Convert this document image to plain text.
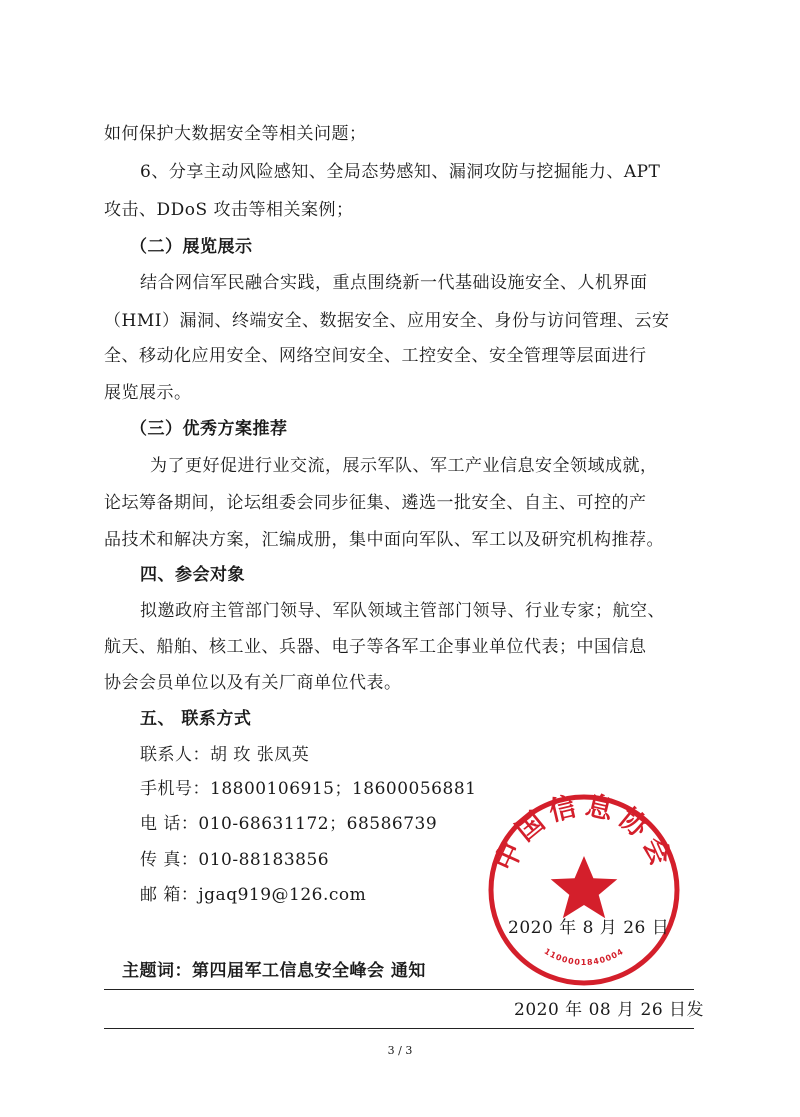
如何保护大数据安全等相关问题；
6、分享主动风险感知、全局态势感知、漏洞攻防与挖掘能力、APT
攻击、DDoS 攻击等相关案例；
（二）展览展示
结合网信军民融合实践，重点围绕新一代基础设施安全、人机界面
（HMI）漏洞、终端安全、数据安全、应用安全、身份与访问管理、云安
全、移动化应用安全、网络空间安全、工控安全、安全管理等层面进行
展览展示。
（三）优秀方案推荐
为了更好促进行业交流，展示军队、军工产业信息安全领域成就，
论坛筹备期间，论坛组委会同步征集、遴选一批安全、自主、可控的产
品技术和解决方案，汇编成册，集中面向军队、军工以及研究机构推荐。
四、参会对象
拟邀政府主管部门领导、军队领域主管部门领导、行业专家；航空、
航天、船舶、核工业、兵器、电子等各军工企事业单位代表；中国信息
协会会员单位以及有关厂商单位代表。
五、 联系方式
联系人：胡 玫 张凤英
手机号：18800106915；18600056881
电 话：010-68631172；68586739
传 真：010-88183856
邮 箱：jgaq919@126.com
中国信息协会
1100001840004
2020 年 8 月 26 日
主题词：第四届军工信息安全峰会 通知
2020 年 08 月 26 日发
3 / 3
